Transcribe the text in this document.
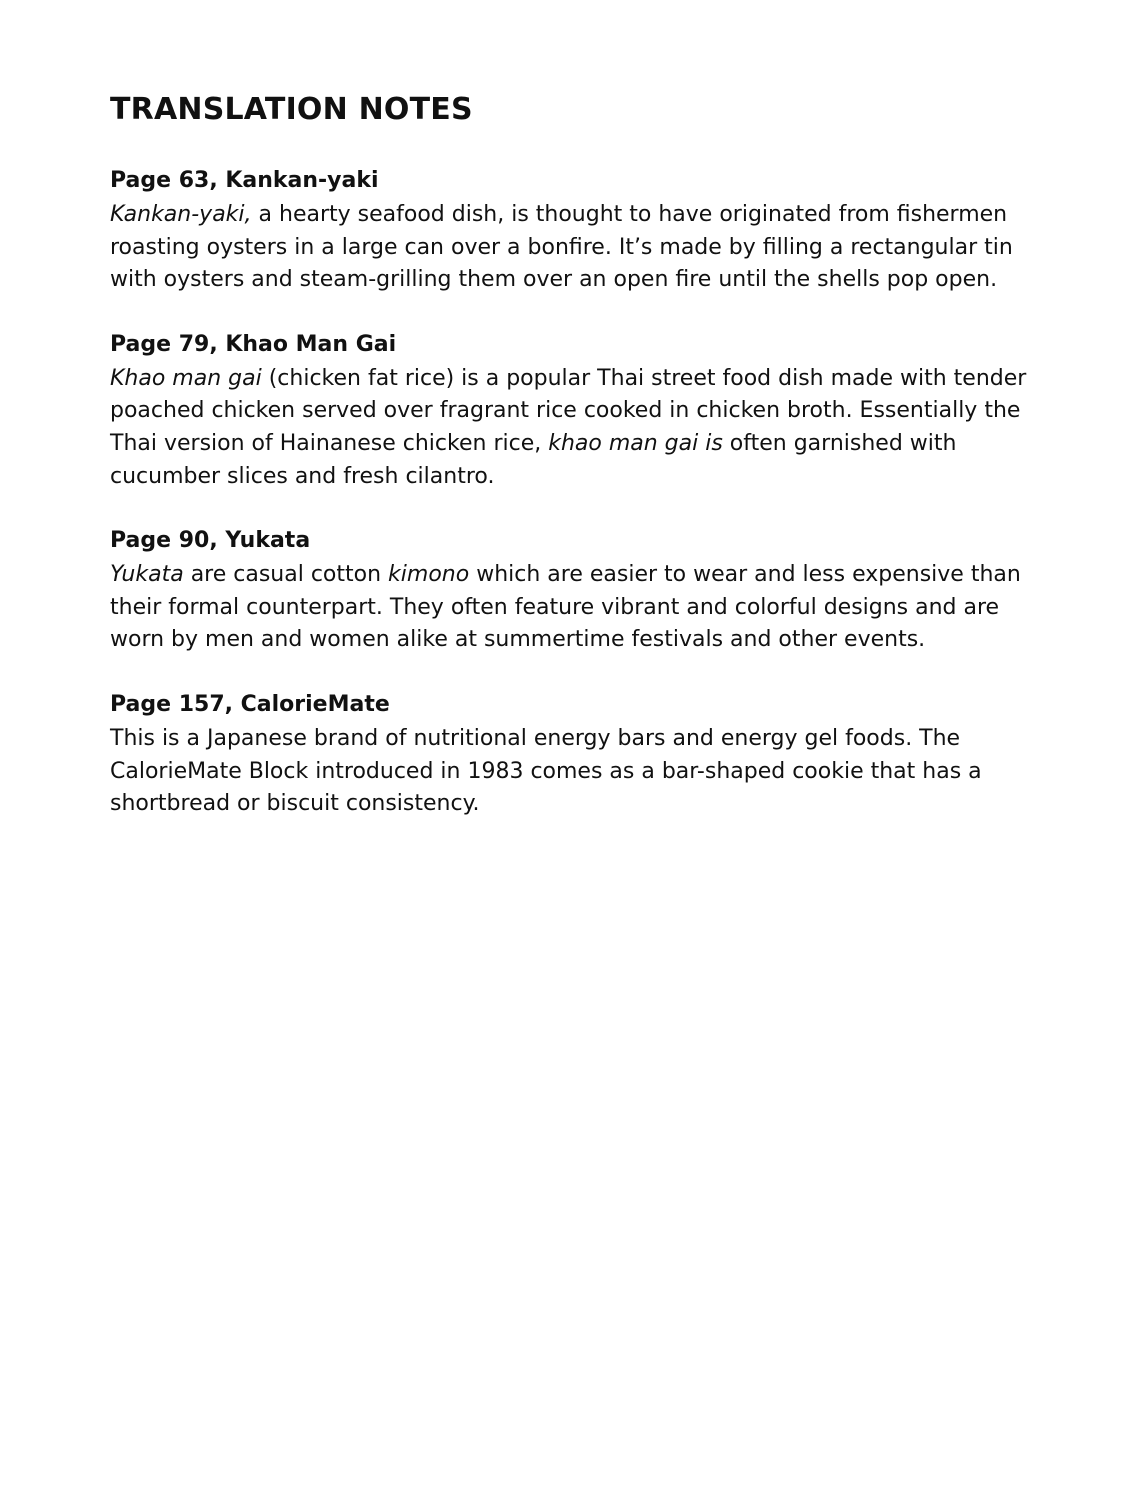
TRANSLATION NOTES
Page 63, Kankan-yaki

Kankan-yaki, a hearty seafood dish, is thought to have originated from fishermen roasting oysters in a large can over a bonfire. It’s made by filling a rectangular tin with oysters and steam-grilling them over an open fire until the shells pop open.

Page 79, Khao Man Gai

Khao man gai (chicken fat rice) is a popular Thai street food dish made with tender poached chicken served over fragrant rice cooked in chicken broth. Essentially the Thai version of Hainanese chicken rice, khao man gai is often garnished with cucumber slices and fresh cilantro.

Page 90, Yukata

Yukata are casual cotton kimono which are easier to wear and less expensive than their formal counterpart. They often feature vibrant and colorful designs and are worn by men and women alike at summertime festivals and other events.

Page 157, CalorieMate

This is a Japanese brand of nutritional energy bars and energy gel foods. The CalorieMate Block introduced in 1983 comes as a bar-shaped cookie that has a shortbread or biscuit consistency.
